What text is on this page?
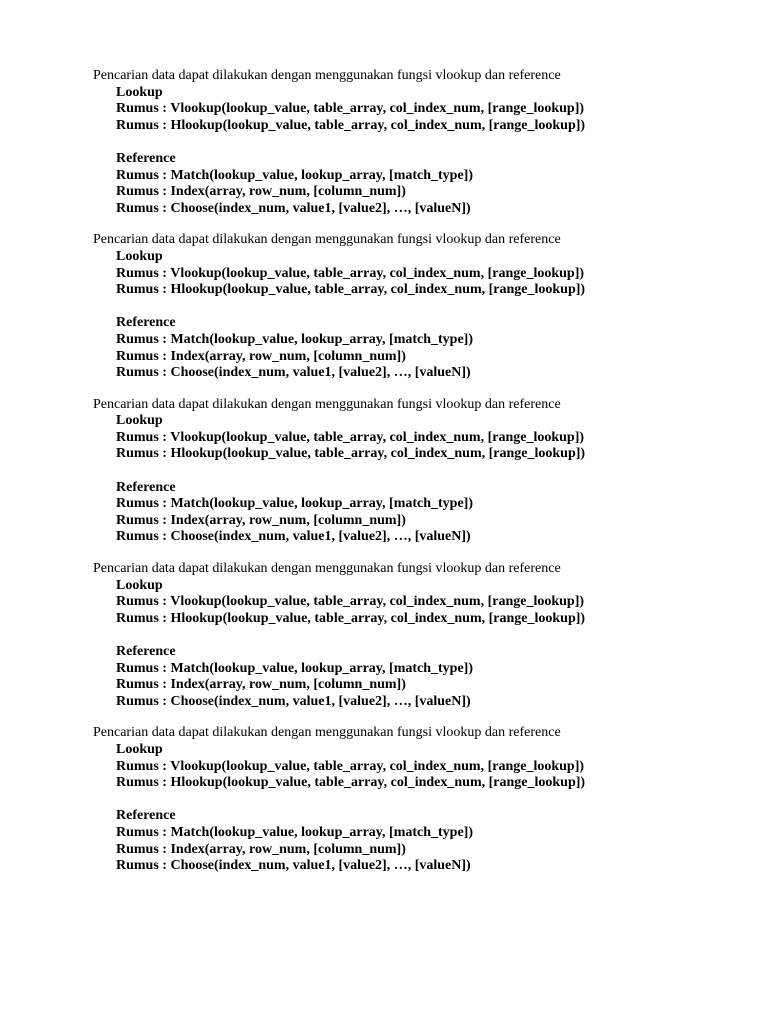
Pencarian data dapat dilakukan dengan menggunakan fungsi vlookup dan reference
Lookup
Rumus : Vlookup(lookup_value, table_array, col_index_num, [range_lookup])
Rumus : Hlookup(lookup_value, table_array, col_index_num, [range_lookup])
Reference
Rumus : Match(lookup_value, lookup_array, [match_type])
Rumus : Index(array, row_num, [column_num])
Rumus : Choose(index_num, value1, [value2], …, [valueN])
Pencarian data dapat dilakukan dengan menggunakan fungsi vlookup dan reference
Lookup
Rumus : Vlookup(lookup_value, table_array, col_index_num, [range_lookup])
Rumus : Hlookup(lookup_value, table_array, col_index_num, [range_lookup])
Reference
Rumus : Match(lookup_value, lookup_array, [match_type])
Rumus : Index(array, row_num, [column_num])
Rumus : Choose(index_num, value1, [value2], …, [valueN])
Pencarian data dapat dilakukan dengan menggunakan fungsi vlookup dan reference
Lookup
Rumus : Vlookup(lookup_value, table_array, col_index_num, [range_lookup])
Rumus : Hlookup(lookup_value, table_array, col_index_num, [range_lookup])
Reference
Rumus : Match(lookup_value, lookup_array, [match_type])
Rumus : Index(array, row_num, [column_num])
Rumus : Choose(index_num, value1, [value2], …, [valueN])
Pencarian data dapat dilakukan dengan menggunakan fungsi vlookup dan reference
Lookup
Rumus : Vlookup(lookup_value, table_array, col_index_num, [range_lookup])
Rumus : Hlookup(lookup_value, table_array, col_index_num, [range_lookup])
Reference
Rumus : Match(lookup_value, lookup_array, [match_type])
Rumus : Index(array, row_num, [column_num])
Rumus : Choose(index_num, value1, [value2], …, [valueN])
Pencarian data dapat dilakukan dengan menggunakan fungsi vlookup dan reference
Lookup
Rumus : Vlookup(lookup_value, table_array, col_index_num, [range_lookup])
Rumus : Hlookup(lookup_value, table_array, col_index_num, [range_lookup])
Reference
Rumus : Match(lookup_value, lookup_array, [match_type])
Rumus : Index(array, row_num, [column_num])
Rumus : Choose(index_num, value1, [value2], …, [valueN])
